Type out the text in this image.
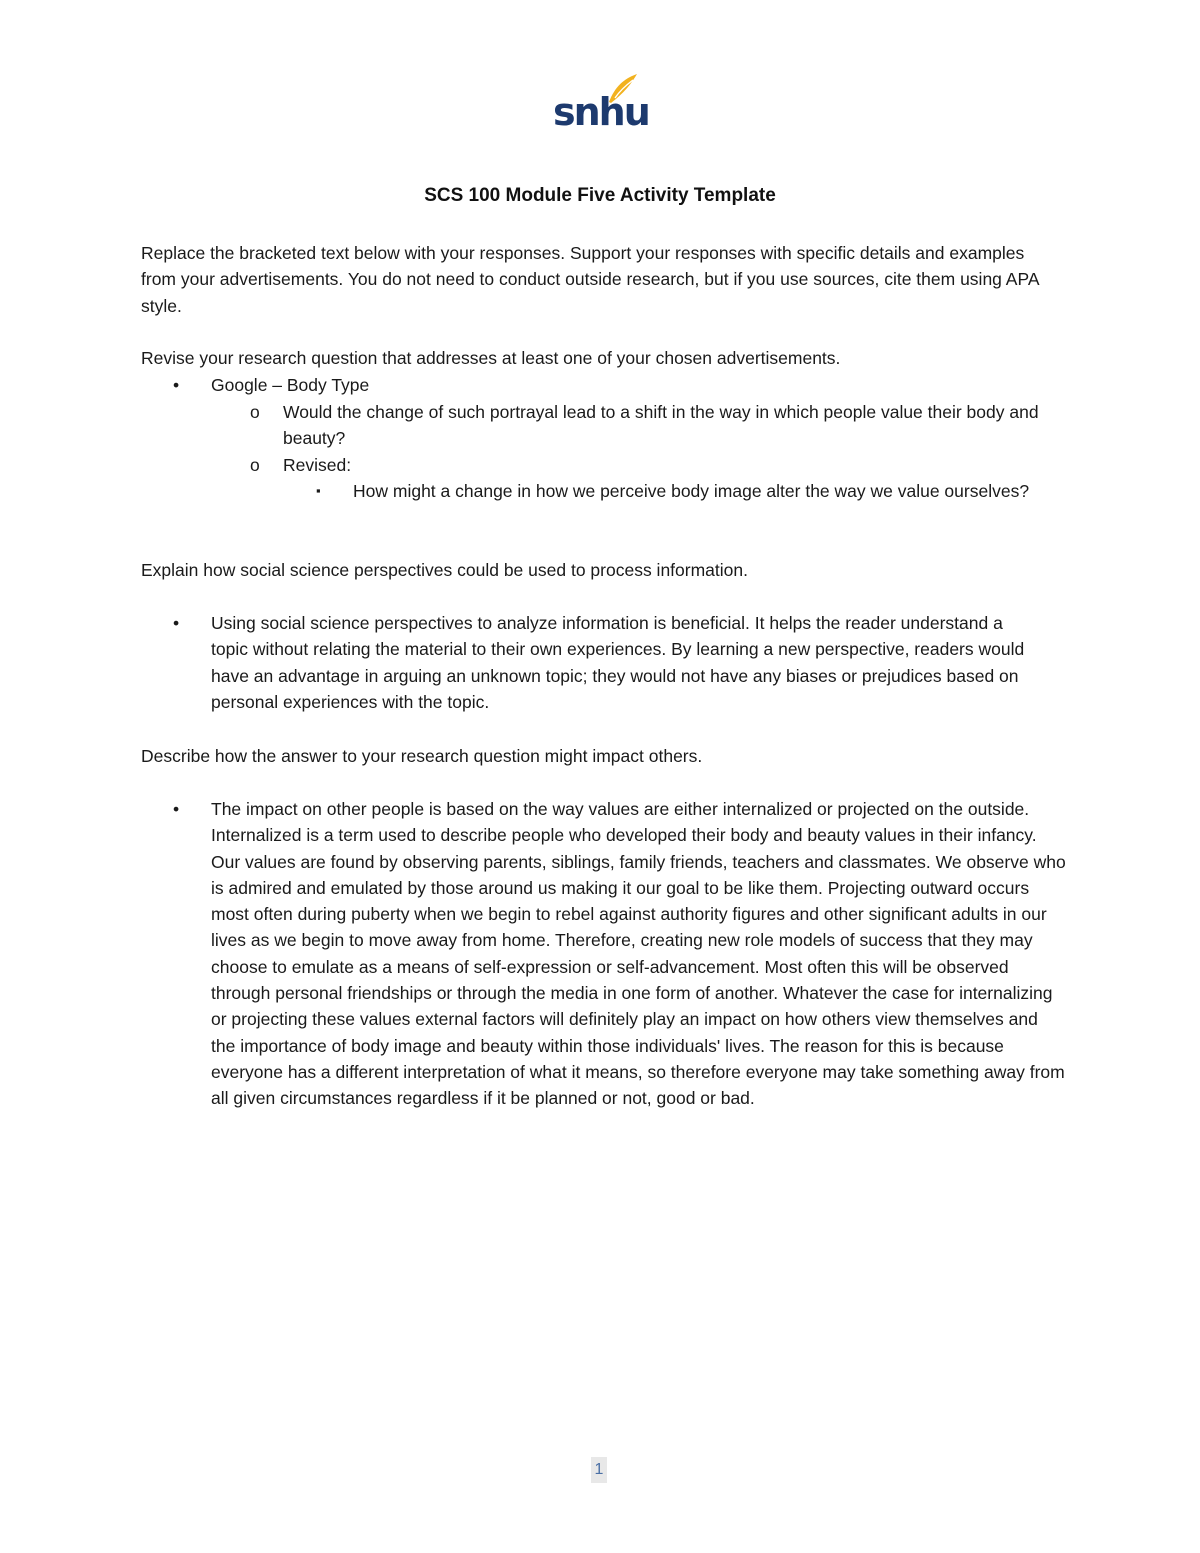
snhu
SCS 100 Module Five Activity Template

Replace the bracketed text below with your responses. Support your responses with specific details and examples from your advertisements. You do not need to conduct outside research, but if you use sources, cite them using APA style.

Revise your research question that addresses at least one of your chosen advertisements.

• Google – Body Type
o Would the change of such portrayal lead to a shift in the way in which people value their body and beauty?
o Revised:
▪ How might a change in how we perceive body image alter the way we value ourselves?

Explain how social science perspectives could be used to process information.

• Using social science perspectives to analyze information is beneficial. It helps the reader understand a topic without relating the material to their own experiences. By learning a new perspective, readers would have an advantage in arguing an unknown topic; they would not have any biases or prejudices based on personal experiences with the topic.

Describe how the answer to your research question might impact others.

• The impact on other people is based on the way values are either internalized or projected on the outside. Internalized is a term used to describe people who developed their body and beauty values in their infancy. Our values are found by observing parents, siblings, family friends, teachers and classmates. We observe who is admired and emulated by those around us making it our goal to be like them. Projecting outward occurs most often during puberty when we begin to rebel against authority figures and other significant adults in our lives as we begin to move away from home. Therefore, creating new role models of success that they may choose to emulate as a means of self-expression or self-advancement. Most often this will be observed through personal friendships or through the media in one form of another. Whatever the case for internalizing or projecting these values external factors will definitely play an impact on how others view themselves and the importance of body image and beauty within those individuals' lives. The reason for this is because everyone has a different interpretation of what it means, so therefore everyone may take something away from all given circumstances regardless if it be planned or not, good or bad.
1
